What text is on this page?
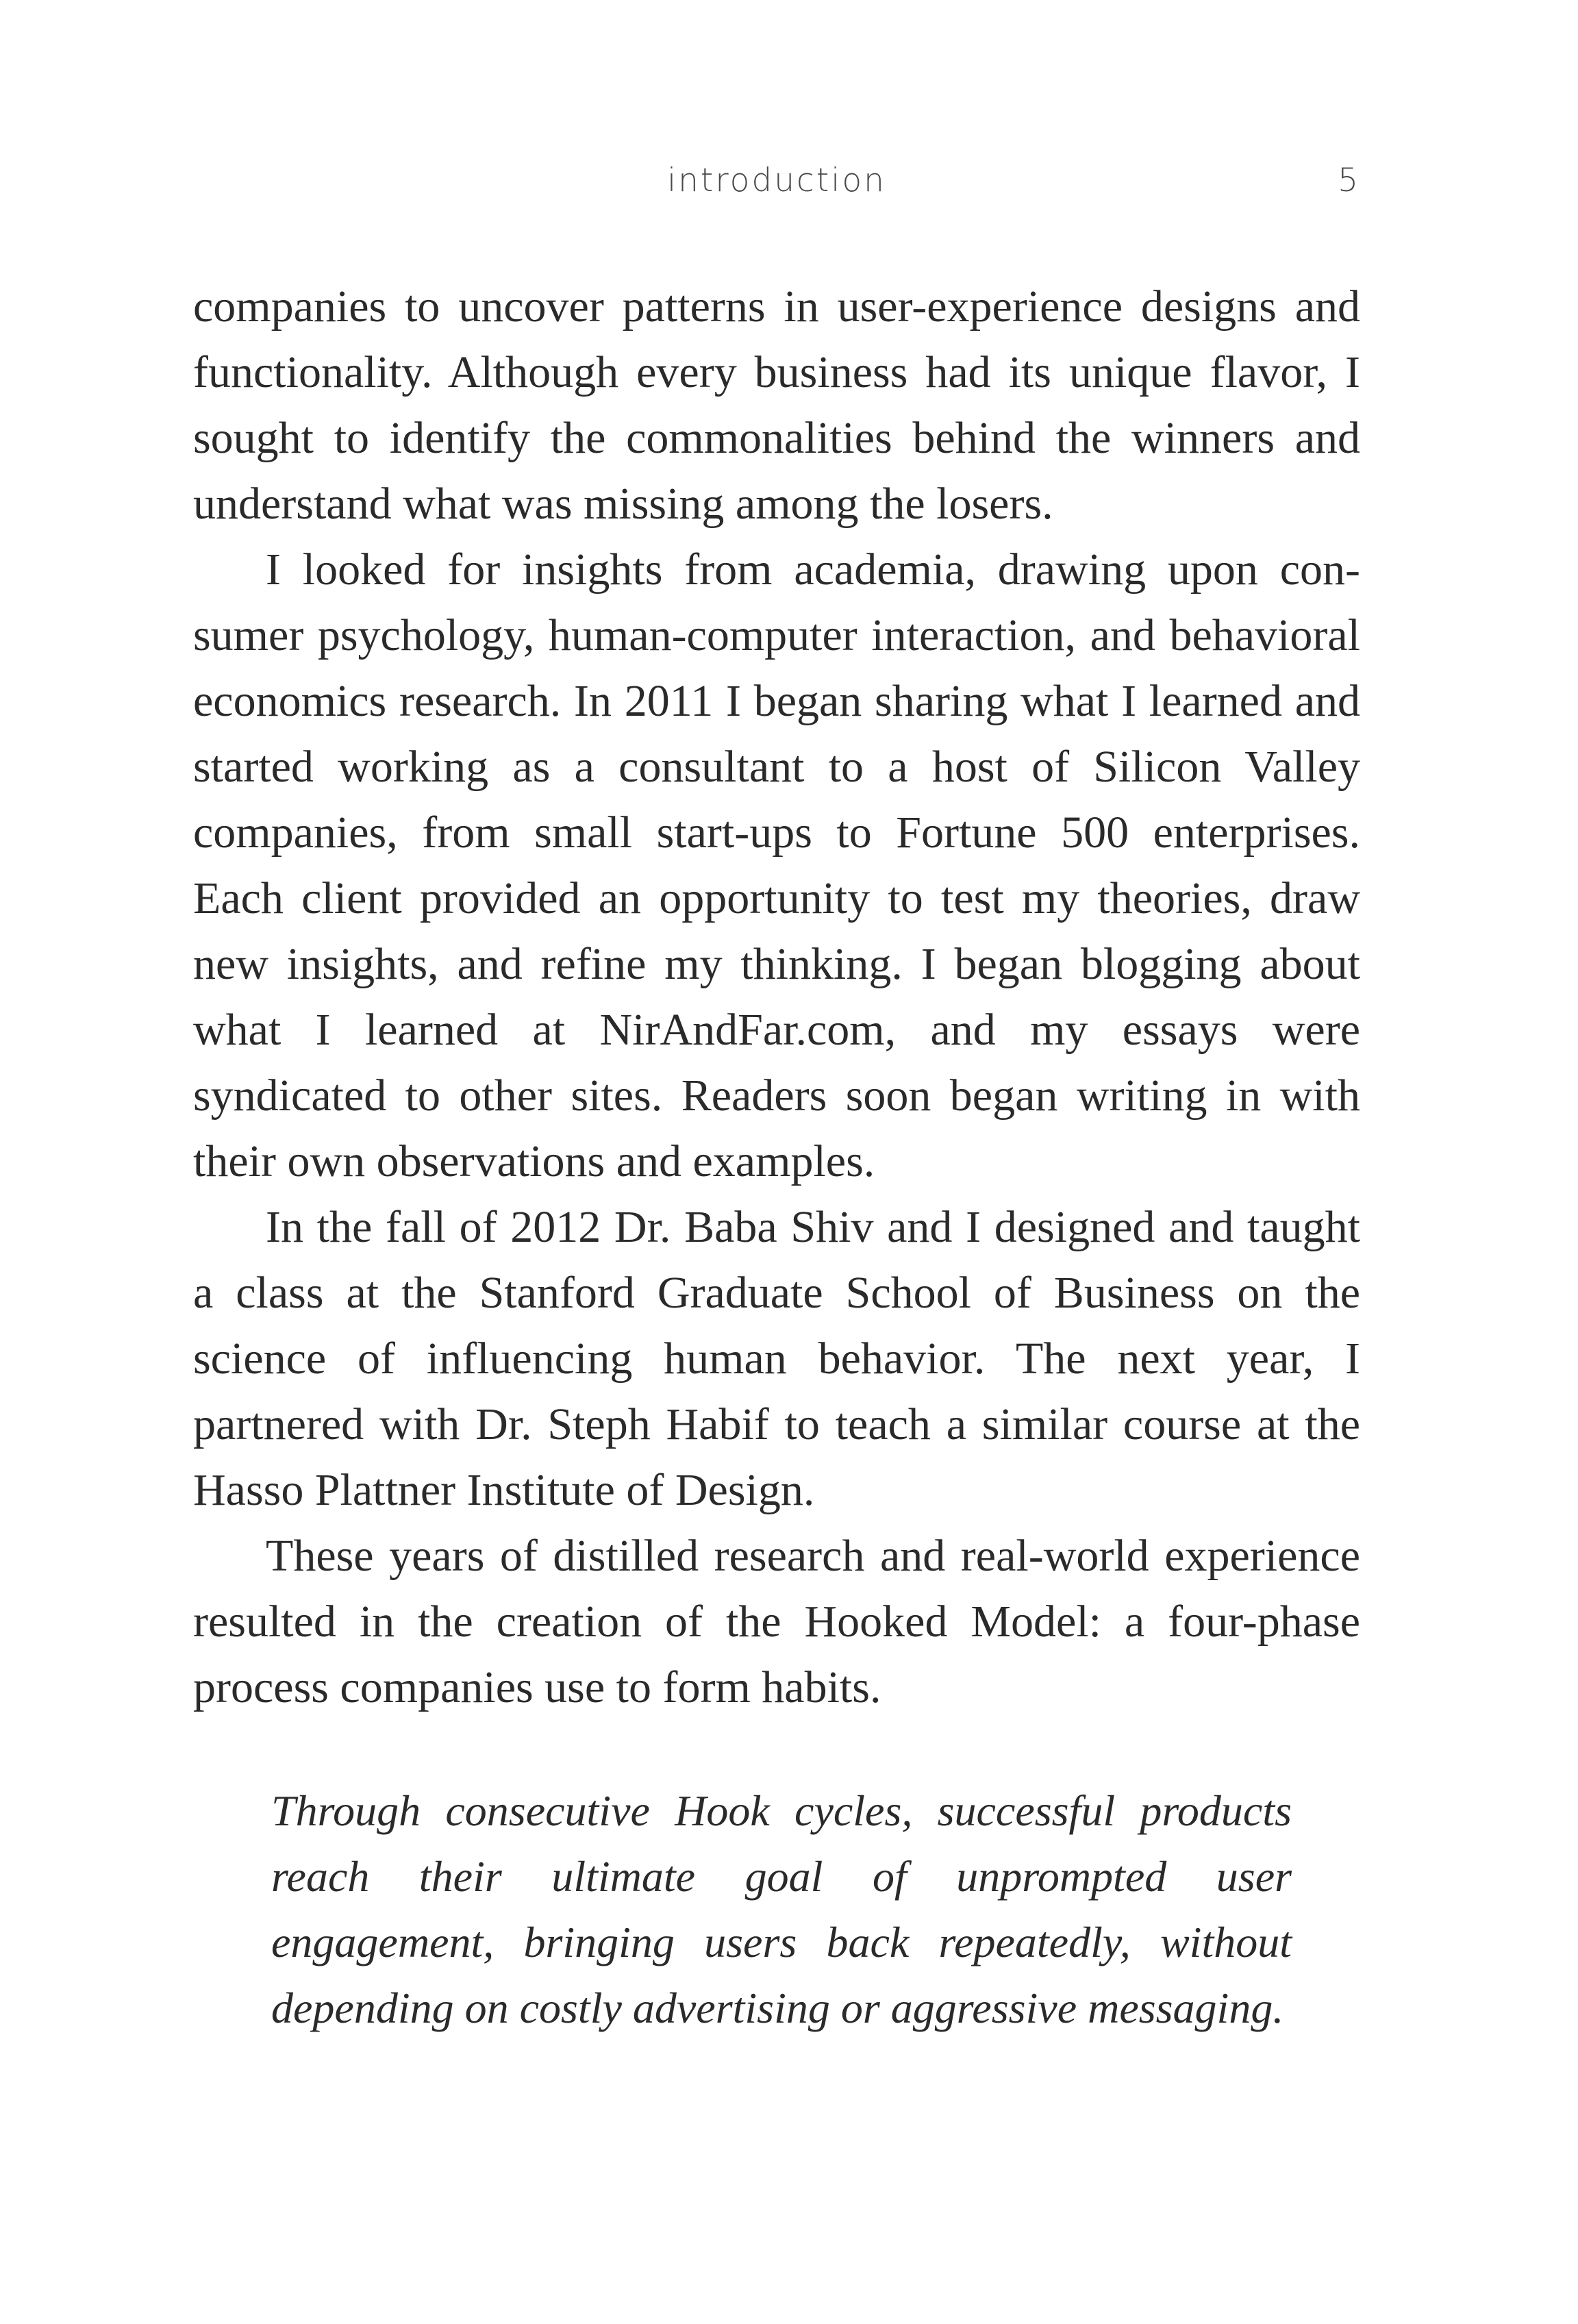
introduction	5

companies to uncover patterns in user-experience designs and functionality. Although every business had its unique flavor, I sought to identify the commonalities behind the winners and understand what was missing among the losers.

I looked for insights from academia, drawing upon consumer psychology, human-computer interaction, and behavioral economics research. In 2011 I began sharing what I learned and started working as a consultant to a host of Silicon Valley companies, from small start-ups to Fortune 500 enterprises. Each client provided an opportunity to test my theories, draw new insights, and refine my thinking. I began blogging about what I learned at NirAndFar.com, and my essays were syndicated to other sites. Readers soon began writing in with their own observations and examples.

In the fall of 2012 Dr. Baba Shiv and I designed and taught a class at the Stanford Graduate School of Business on the science of influencing human behavior. The next year, I partnered with Dr. Steph Habif to teach a similar course at the Hasso Plattner Institute of Design.

These years of distilled research and real-world experience resulted in the creation of the Hooked Model: a four-phase process companies use to form habits.

Through consecutive Hook cycles, successful products reach their ultimate goal of unprompted user engagement, bringing users back repeatedly, without depending on costly advertising or aggressive messaging.
